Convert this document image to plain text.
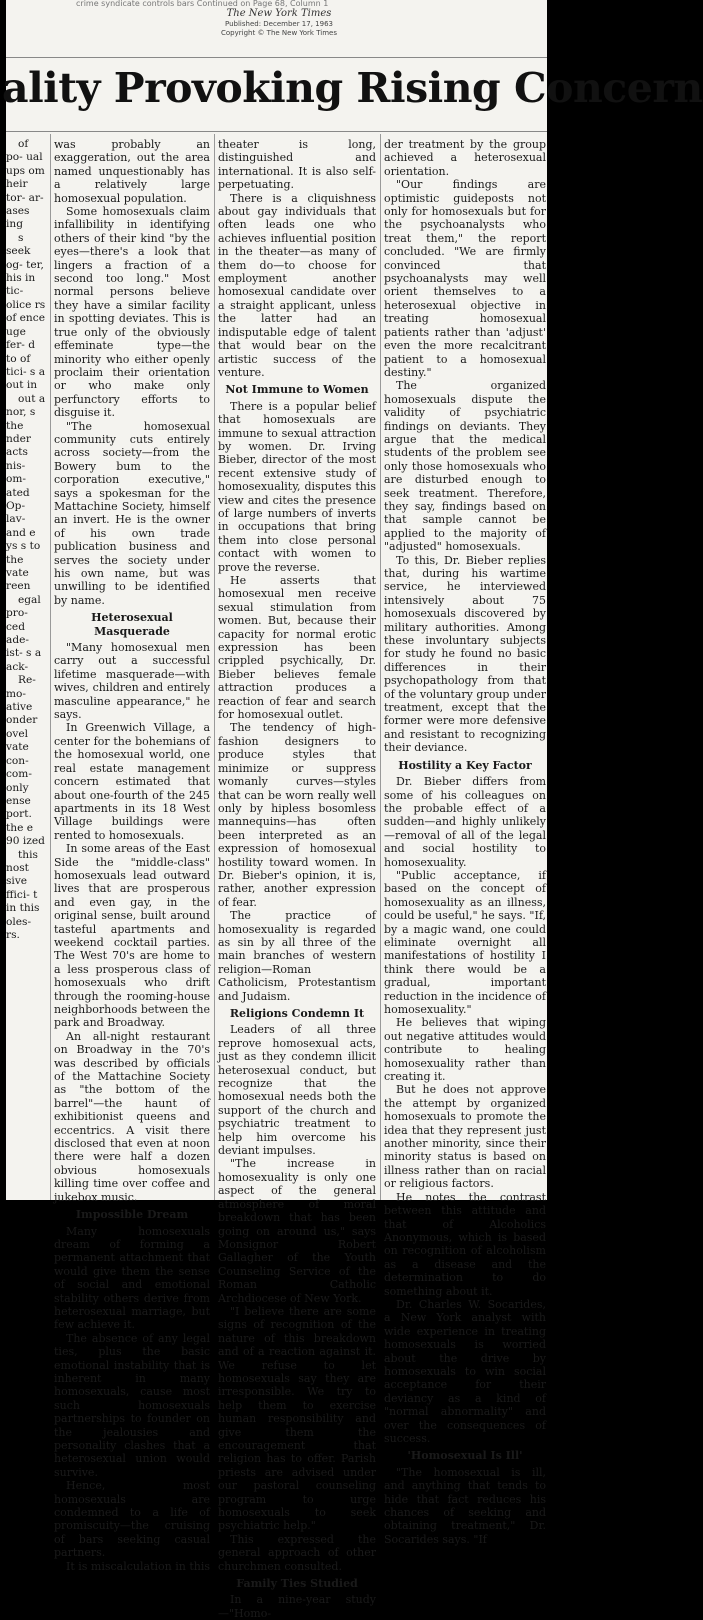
crime syndicate controls bars Continued on Page 68, Column 1
The New York Times
Published: December 17, 1963
Copyright © The New York Times
ality Provoking Rising Concern

of po- ual ups om heir tor- ar- ases ing

s seek og- ter, his in tic- olice rs of ence uge fer- d to of tici- s a out in

out a nor, s the nder acts nis- om- ated Op- lav- and e ys s to the vate reen

egal pro- ced ade- ist- s a ack-

Re- mo- ative onder ovel vate con- com- only ense port. the e 90 ized

this nost sive ffici- t in this oles- rs.

was probably an exaggeration, out the area named unquestionably has a relatively large homosexual population.

Some homosexuals claim infallibility in identifying others of their kind "by the eyes—there's a look that lingers a fraction of a second too long." Most normal persons believe they have a similar facility in spotting deviates. This is true only of the obviously effeminate type—the minority who either openly proclaim their orientation or who make only perfunctory efforts to disguise it.

"The homosexual community cuts entirely across society—from the Bowery bum to the corporation executive," says a spokesman for the Mattachine Society, himself an invert. He is the owner of his own trade publication business and serves the society under his own name, but was unwilling to be identified by name.

Heterosexual Masquerade

"Many homosexual men carry out a successful lifetime masquerade—with wives, children and entirely masculine appearance," he says.

In Greenwich Village, a center for the bohemians of the homosexual world, one real estate management concern estimated that about one-fourth of the 245 apartments in its 18 West Village buildings were rented to homosexuals.

In some areas of the East Side the "middle-class" homosexuals lead outward lives that are prosperous and even gay, in the original sense, built around tasteful apartments and weekend cocktail parties. The West 70's are home to a less prosperous class of homosexuals who drift through the rooming-house neighborhoods between the park and Broadway.

An all-night restaurant on Broadway in the 70's was described by officials of the Mattachine Society as "the bottom of the barrel"—the haunt of exhibitionist queens and eccentrics. A visit there disclosed that even at noon there were half a dozen obvious homosexuals killing time over coffee and jukebox music.

Impossible Dream

Many homosexuals dream of forming a permanent attachment that would give them the sense of social and emotional stability others derive from heterosexual marriage, but few achieve it.

The absence of any legal ties, plus the basic emotional instability that is inherent in many homosexuals, cause most such homosexuals partnerships to founder on the jealousies and personality clashes that a heterosexual union would survive.

Hence, most homosexuals are condemned to a life of promiscuity—the cruising of bars seeking casual partners.

It is miscalculation in this

theater is long, distinguished and international. It is also self-perpetuating.

There is a cliquishness about gay individuals that often leads one who achieves influential position in the theater—as many of them do—to choose for employment another homosexual candidate over a straight applicant, unless the latter had an indisputable edge of talent that would bear on the artistic success of the venture.

Not Immune to Women

There is a popular belief that homosexuals are immune to sexual attraction by women. Dr. Irving Bieber, director of the most recent extensive study of homosexuality, disputes this view and cites the presence of large numbers of inverts in occupations that bring them into close personal contact with women to prove the reverse.

He asserts that homosexual men receive sexual stimulation from women. But, because their capacity for normal erotic expression has been crippled psychically, Dr. Bieber believes female attraction produces a reaction of fear and search for homosexual outlet.

The tendency of high-fashion designers to produce styles that minimize or suppress womanly curves—styles that can be worn really well only by hipless bosomless mannequins—has often been interpreted as an expression of homosexual hostility toward women. In Dr. Bieber's opinion, it is, rather, another expression of fear.

The practice of homosexuality is regarded as sin by all three of the main branches of western religion—Roman Catholicism, Protestantism and Judaism.

Religions Condemn It

Leaders of all three reprove homosexual acts, just as they condemn illicit heterosexual conduct, but recognize that the homosexual needs both the support of the church and psychiatric treatment to help him overcome his deviant impulses.

"The increase in homosexuality is only one aspect of the general atmosphere of moral breakdown that has been going on around us," says Monsignor Robert Gallagher of the Youth Counseling Service of the Roman Catholic Archdiocese of New York.

"I believe there are some signs of recognition of the nature of this breakdown and of a reaction against it. We refuse to let homosexuals say they are irresponsible. We try to help them to exercise human responsibility and give them the encouragement that religion has to offer. Parish priests are advised under our pastoral counseling program to urge homosexuals to seek psychiatric help."

This expressed the general approach of other churchmen consulted.

Family Ties Studied

In a nine-year study—"Homo-

der treatment by the group achieved a heterosexual orientation.

"Our findings are optimistic guideposts not only for homosexuals but for the psychoanalysts who treat them," the report concluded. "We are firmly convinced that psychoanalysts may well orient themselves to a heterosexual objective in treating homosexual patients rather than 'adjust' even the more recalcitrant patient to a homosexual destiny."

The organized homosexuals dispute the validity of psychiatric findings on deviants. They argue that the medical students of the problem see only those homosexuals who are disturbed enough to seek treatment. Therefore, they say, findings based on that sample cannot be applied to the majority of "adjusted" homosexuals.

To this, Dr. Bieber replies that, during his wartime service, he interviewed intensively about 75 homosexuals discovered by military authorities. Among these involuntary subjects for study he found no basic differences in their psychopathology from that of the voluntary group under treatment, except that the former were more defensive and resistant to recognizing their deviance.

Hostility a Key Factor

Dr. Bieber differs from some of his colleagues on the probable effect of a sudden—and highly unlikely—removal of all of the legal and social hostility to homosexuality.

"Public acceptance, if based on the concept of homosexuality as an illness, could be useful," he says. "If, by a magic wand, one could eliminate overnight all manifestations of hostility I think there would be a gradual, important reduction in the incidence of homosexuality."

He believes that wiping out negative attitudes would contribute to healing homosexuality rather than creating it.

But he does not approve the attempt by organized homosexuals to promote the idea that they represent just another minority, since their minority status is based on illness rather than on racial or religious factors.

He notes the contrast between this attitude and that of Alcoholics Anonymous, which is based on recognition of alcoholism as a disease and the determination to do something about it.

Dr. Charles W. Socarides, a New York analyst with wide experience in treating homosexuals is worried about the drive by homosexuals to win social acceptance for their deviancy as a kind of "normal abnormality" and over the consequences of success.

'Homosexual Is Ill'

"The homosexual is ill, and anything that tends to hide that fact reduces his chances of seeking and obtaining treatment," Dr. Socarides says. "If
